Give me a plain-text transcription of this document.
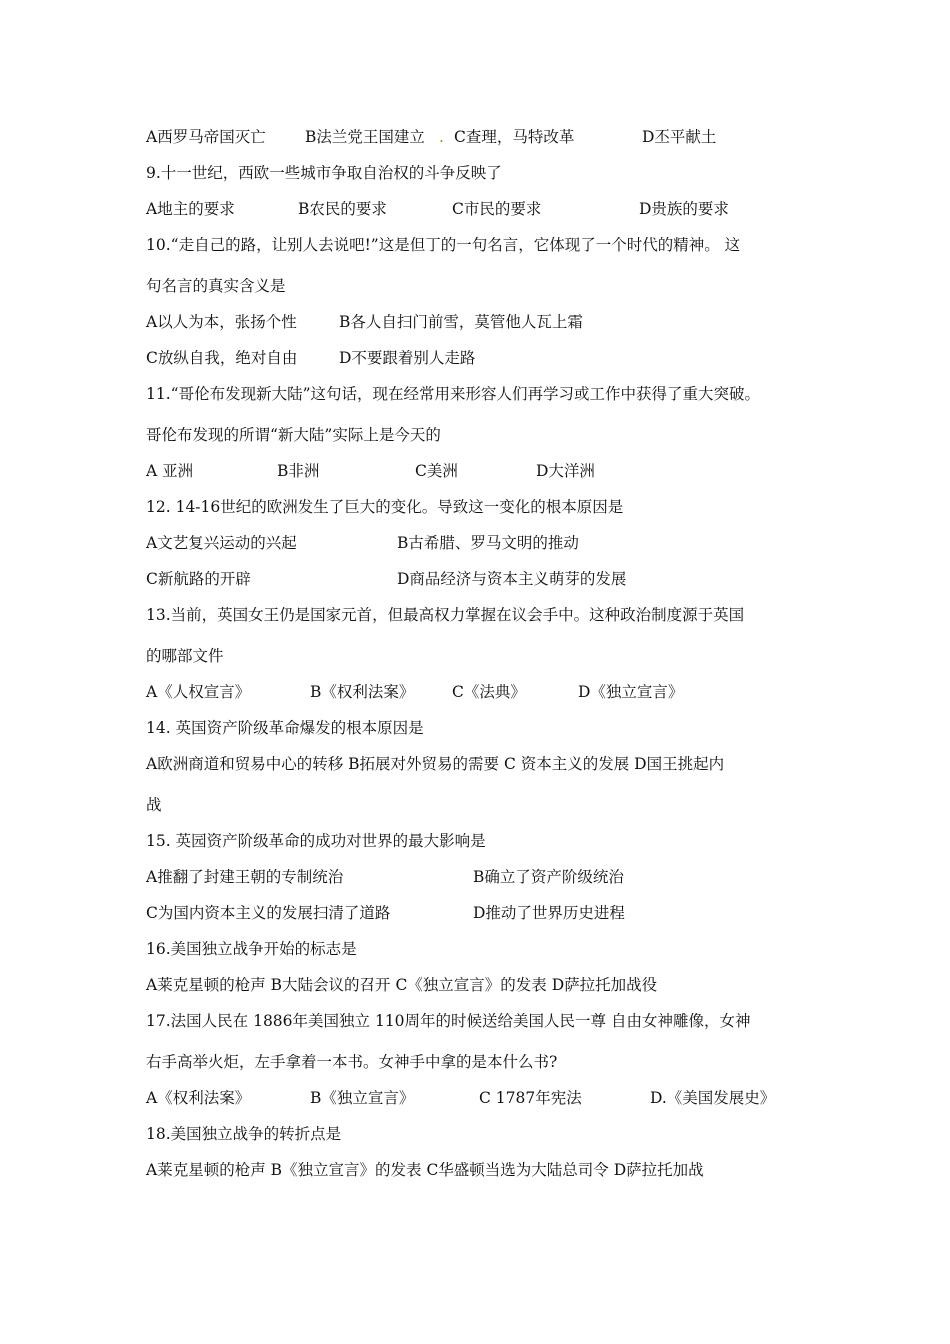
A西罗马帝国灭亡	B法兰党王国建立 . C查理，马特改革	D丕平献土
9.十一世纪，西欧一些城市争取自治权的斗争反映了
A地主的要求	B农民的要求	C市民的要求	D贵族的要求
10.“走自己的路，让别人去说吧!”这是但丁的一句名言，它体现了一个时代的精神。 这
句名言的真实含义是
A以人为本，张扬个性	B各人自扫门前雪，莫管他人瓦上霜
C放纵自我，绝对自由	D不要跟着别人走路
11.“哥伦布发现新大陆”这句话，现在经常用来形容人们再学习或工作中获得了重大突破。
哥伦布发现的所谓“新大陆”实际上是今天的
A 亚洲	B非洲	C美洲	D大洋洲
12. 14-16世纪的欧洲发生了巨大的变化。导致这一变化的根本原因是
A文艺复兴运动的兴起	B古希腊、罗马文明的推动
C新航路的开辟	D商品经济与资本主义萌芽的发展
13.当前，英国女王仍是国家元首，但最高权力掌握在议会手中。这种政治制度源于英国
的哪部文件
A《人权宣言》	B《权利法案》 C《法典》	D《独立宣言》
14. 英国资产阶级革命爆发的根本原因是
A欧洲商道和贸易中心的转移 B拓展对外贸易的需要 C 资本主义的发展 D国王挑起内
战
15. 英园资产阶级革命的成功对世界的最大影响是
A推翻了封建王朝的专制统治	B确立了资产阶级统治
C为国内资本主义的发展扫清了道路	D推动了世界历史进程
16.美国独立战争开始的标志是
A莱克星顿的枪声 B大陆会议的召开 C《独立宣言》的发表 D萨拉托加战役
17.法国人民在 1886年美国独立 110周年的时候送给美国人民一尊 自由女神雕像，女神
右手高举火炬，左手拿着一本书。女神手中拿的是本什么书?
A《权利法案》	B《独立宣言》	C 1787年宪法	D.《美国发展史》
18.美国独立战争的转折点是
A莱克星顿的枪声 B《独立宣言》的发表 C华盛顿当选为大陆总司令 D萨拉托加战
